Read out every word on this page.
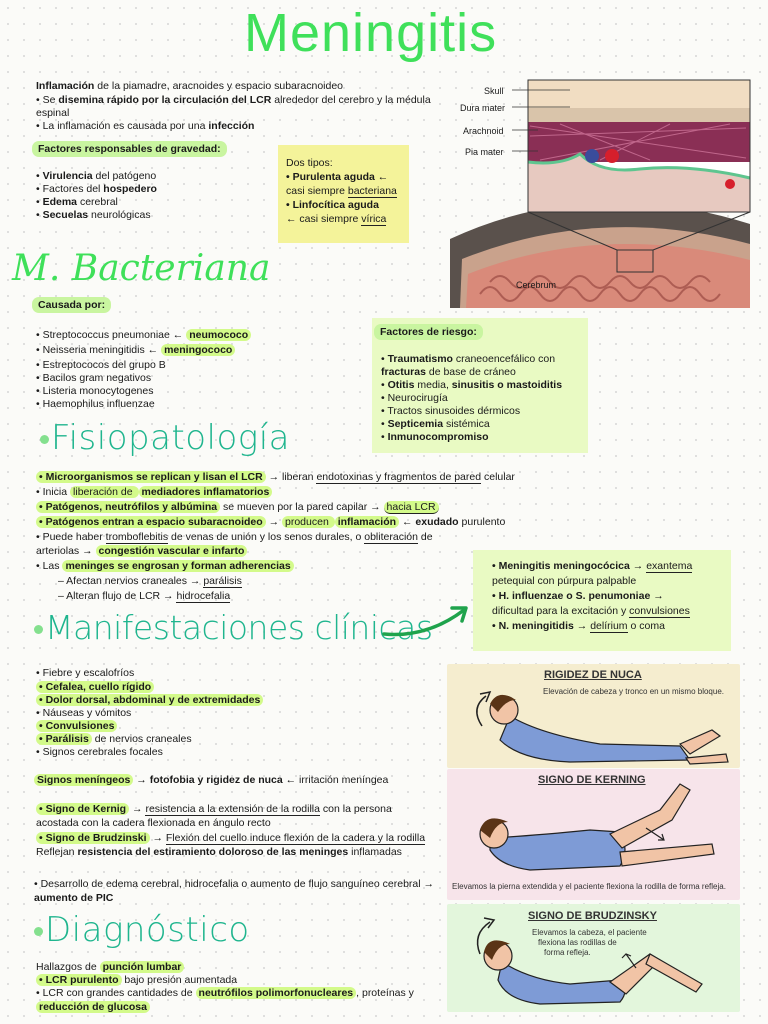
Meningitis
Inflamación de la piamadre, aracnoides y espacio subaracnoideo
• Se disemina rápido por la circulación del LCR alrededor del cerebro y la médula
espinal
• La inflamación es causada por una infección
Factores responsables de gravedad:
• Virulencia del patógeno
• Factores del hospedero
• Edema cerebral
• Secuelas neurológicas
Dos tipos:
• Purulenta aguda ←
casi siempre bacteriana
• Linfocítica aguda
← casi siempre vírica
Skull
Dura mater
Arachnoid
Pia mater
Cerebrum
M. Bacteriana
Causada por:
• Streptococcus pneumoniae ← neumococo
• Neisseria meningitidis ← meningococo
• Estreptococos del grupo B
• Bacilos gram negativos
• Listeria monocytogenes
• Haemophilus influenzae
Factores de riesgo:
• Traumatismo craneoencefálico con
fracturas de base de cráneo
• Otitis media, sinusitis o mastoiditis
• Neurocirugía
• Tractos sinusoides dérmicos
• Septicemia sistémica
• Inmunocompromiso
Fisiopatología
• Microorganismos se replican y lisan el LCR → liberan endotoxinas y fragmentos de pared celular
• Inicia liberación de mediadores inflamatorios
• Patógenos, neutrófilos y albúmina se mueven por la pared capilar → hacia LCR
• Patógenos entran a espacio subaracnoideo → producen inflamación ← exudado purulento
• Puede haber tromboflebitis de venas de unión y los senos durales, o obliteración de
arteriolas → congestión vascular e infarto
• Las meninges se engrosan y forman adherencias
– Afectan nervios craneales → parálisis
– Alteran flujo de LCR → hidrocefalia
• Meningitis meningocócica → exantema
petequial con púrpura palpable
• H. influenzae o S. penumoniae →
dificultad para la excitación y convulsiones
• N. meningitidis → delírium o coma
Manifestaciones clínicas
• Fiebre y escalofríos
• Cefalea, cuello rígido
• Dolor dorsal, abdominal y de extremidades
• Náuseas y vómitos
• Convulsiones
• Parálisis de nervios craneales
• Signos cerebrales focales
Signos meníngeos → fotofobia y rigidez de nuca ← irritación meníngea
• Signo de Kernig → resistencia a la extensión de la rodilla con la persona
acostada con la cadera flexionada en ángulo recto
• Signo de Brudzinski → Flexión del cuello induce flexión de la cadera y la rodilla
Reflejan resistencia del estiramiento doloroso de las meninges inflamadas
• Desarrollo de edema cerebral, hidrocefalia o aumento de flujo sanguíneo cerebral →
aumento de PIC
RIGIDEZ DE NUCA
Elevación de cabeza y tronco en un mismo bloque.
SIGNO DE KERNING
Elevamos la pierna extendida y el paciente flexiona la rodilla de forma refleja.
SIGNO DE BRUDZINSKY
Elevamos la cabeza, el paciente
flexiona las rodillas de
forma refleja.
Diagnóstico
Hallazgos de punción lumbar
• LCR purulento bajo presión aumentada
• LCR con grandes cantidades de neutrófilos polimorfonucleares , proteínas y
reducción de glucosa
